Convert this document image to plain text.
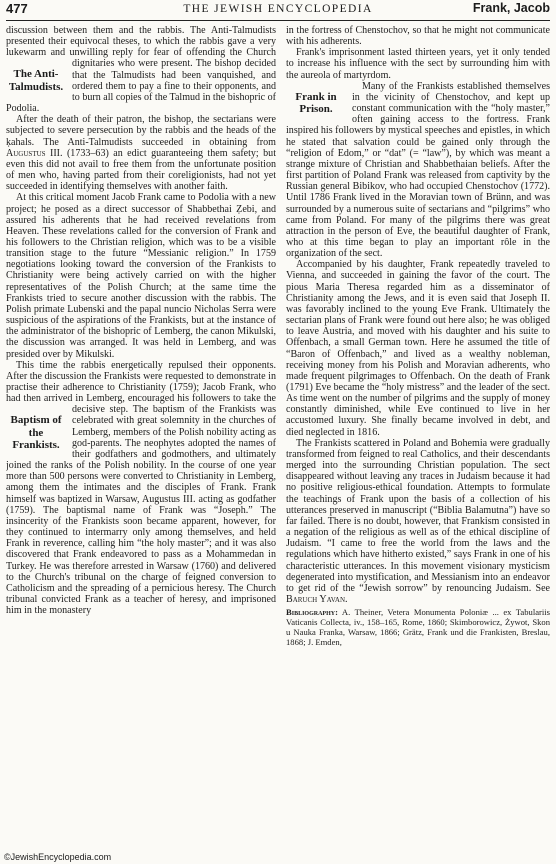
477	THE JEWISH ENCYCLOPEDIA	Frank, Jacob

discussion between them and the rabbis. The Anti-Talmudists presented their equivocal theses, to which the rabbis gave a very lukewarm and unwilling reply for fear of offending the
The Anti-Talmudists.
Church dignitaries who were present. The bishop decided that the Talmudists had been vanquished, and ordered them to pay a fine to their opponents, and to burn all copies of the Talmud in the bishopric of Podolia.

After the death of their patron, the bishop, the sectarians were subjected to severe persecution by the rabbis and the heads of the ḳahals. The Anti-Talmudists succeeded in obtaining from Augustus III. (1733–63) an edict guaranteeing them safety; but even this did not avail to free them from the unfortunate position of men who, having parted from their coreligionists, had not yet succeeded in identifying themselves with another faith.

At this critical moment Jacob Frank came to Podolia with a new project; he posed as a direct successor of Shabbethai Ẓebi, and assured his adherents that he had received revelations from Heaven. These revelations called for the conversion of Frank and his followers to the Christian religion, which was to be a visible transition stage to the future “Messianic religion.” In 1759 negotiations looking toward the conversion of the Frankists to Christianity were being actively carried on with the higher representatives of the Polish Church; at the same time the Frankists tried to secure another discussion with the rabbis. The Polish primate Lubenski and the papal nuncio Nicholas Serra were suspicious of the aspirations of the Frankists, but at the instance of the administrator of the bishopric of Lemberg, the canon Mikulski, the discussion was arranged. It was held in Lemberg, and was presided over by Mikulski.

This time the rabbis energetically repulsed their opponents. After the discussion the Frankists were requested to demonstrate in practise their adherence to Christianity (1759); Jacob Frank, who had then arrived in Lemberg, encouraged his followers to take the decisive step.
Baptism of the Frankists.
The baptism of the Frankists was celebrated with great solemnity in the churches of Lemberg, members of the Polish nobility acting as god-parents. The neophytes adopted the names of their godfathers and godmothers, and ultimately joined the ranks of the Polish nobility. In the course of one year more than 500 persons were converted to Christianity in Lemberg, among them the intimates and the disciples of Frank. Frank himself was baptized in Warsaw, Augustus III. acting as godfather (1759). The baptismal name of Frank was “Joseph.” The insincerity of the Frankists soon became apparent, however, for they continued to intermarry only among themselves, and held Frank in reverence, calling him “the holy master”; and it was also discovered that Frank endeavored to pass as a Mohammedan in Turkey. He was therefore arrested in Warsaw (1760) and delivered to the Church's tribunal on the charge of feigned conversion to Catholicism and the spreading of a pernicious heresy. The Church tribunal convicted Frank as a teacher of heresy, and imprisoned him in the monastery

in the fortress of Chenstochov, so that he might not communicate with his adherents.

Frank's imprisonment lasted thirteen years, yet it only tended to increase his influence with the sect by surrounding him with the aureola of martyrdom.

Frank in Prison.
Many of the Frankists established themselves in the vicinity of Chenstochov, and kept up constant communication with the “holy master,” often gaining access to the fortress. Frank inspired his followers by mystical speeches and epistles, in which he stated that salvation could be gained only through the “religion of Edom,” or “dat” (= “law”), by which was meant a strange mixture of Christian and Shabbethaian beliefs. After the first partition of Poland Frank was released from captivity by the Russian general Bibikov, who had occupied Chenstochov (1772). Until 1786 Frank lived in the Moravian town of Brünn, and was surrounded by a numerous suite of sectarians and “pilgrims” who came from Poland. For many of the pilgrims there was great attraction in the person of Eve, the beautiful daughter of Frank, who at this time began to play an important rôle in the organization of the sect.

Accompanied by his daughter, Frank repeatedly traveled to Vienna, and succeeded in gaining the favor of the court. The pious Maria Theresa regarded him as a disseminator of Christianity among the Jews, and it is even said that Joseph II. was favorably inclined to the young Eve Frank. Ultimately the sectarian plans of Frank were found out here also; he was obliged to leave Austria, and moved with his daughter and his suite to Offenbach, a small German town. Here he assumed the title of “Baron of Offenbach,” and lived as a wealthy nobleman, receiving money from his Polish and Moravian adherents, who made frequent pilgrimages to Offenbach. On the death of Frank (1791) Eve became the “holy mistress” and the leader of the sect. As time went on the number of pilgrims and the supply of money constantly diminished, while Eve continued to live in her accustomed luxury. She finally became involved in debt, and died neglected in 1816.

The Frankists scattered in Poland and Bohemia were gradually transformed from feigned to real Catholics, and their descendants merged into the surrounding Christian population. The sect disappeared without leaving any traces in Judaism because it had no positive religious-ethical foundation. Attempts to formulate the teachings of Frank upon the basis of a collection of his utterances preserved in manuscript (“Biblia Balamutna”) have so far failed. There is no doubt, however, that Frankism consisted in a negation of the religious as well as of the ethical discipline of Judaism. “I came to free the world from the laws and the regulations which have hitherto existed,” says Frank in one of his characteristic utterances. In this movement visionary mysticism degenerated into mystification, and Messianism into an endeavor to get rid of the “Jewish sorrow” by renouncing Judaism. See Baruch Yavan.

Bibliography: A. Theiner, Vetera Monumenta Poloniæ ... ex Tabulariis Vaticanis Collecta, iv., 158–165, Rome, 1860; Skimborowicz, Żywot, Skon u Nauka Franka, Warsaw, 1866; Grätz, Frank und die Frankisten, Breslau, 1868; J. Emden,

©JewishEncyclopedia.com
